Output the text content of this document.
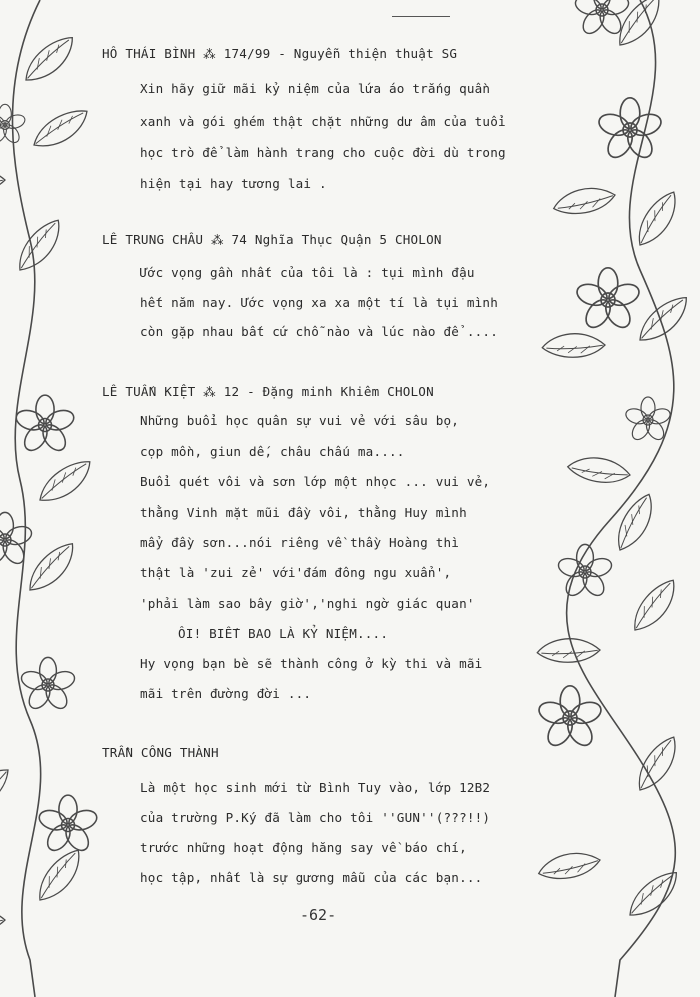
HÔ THÁI BÌNH ⁂ 174/99 - Nguyễn thiện thuật SG
Xin hãy giữ mãi kỷ niệm của lứa áo trắng quần
xanh và gói ghém thật chặt những dư âm của tuổi
học trò để làm hành trang cho cuộc đời dù trong
hiện tại hay tương lai .
LÊ TRUNG CHÂU ⁂ 74 Nghĩa Thục Quận 5 CHOLON
Ước vọng gần nhất của tôi là : tụi mình đậu
hết năm nay. Ước vọng xa xa một tí là tụi mình
còn gặp nhau bất cứ chỗ nào và lúc nào để ....
LÊ TUẤN KIỆT ⁂ 12 - Đặng minh Khiêm CHOLON
Những buổi học quân sự vui vẻ với sâu bọ,
cọp mồn, giun dế, châu chấu ma....
Buổi quét vôi và sơn lớp một nhọc ... vui vẻ,
thằng Vinh mặt mũi đầy vôi, thằng Huy mình
mẩy đầy sơn...nói riêng về thầy Hoàng thì
thật là 'zui zẻ' với'đám đông ngu xuẩn',
'phải làm sao bây giờ','nghi ngờ giác quan'
ÔI! BIẾT BAO LÀ KỶ NIỆM....
Hy vọng bạn bè sẽ thành công ở kỳ thi và mãi
mãi trên đường đời ...
TRẦN CÔNG THÀNH
Là một học sinh mới từ Bình Tuy vào, lớp 12B2
của trường P.Ký đã làm cho tôi ''GUN''(???!!)
trước những hoạt động hăng say về báo chí,
học tập, nhất là sự gương mẫu của các bạn...
-62-
